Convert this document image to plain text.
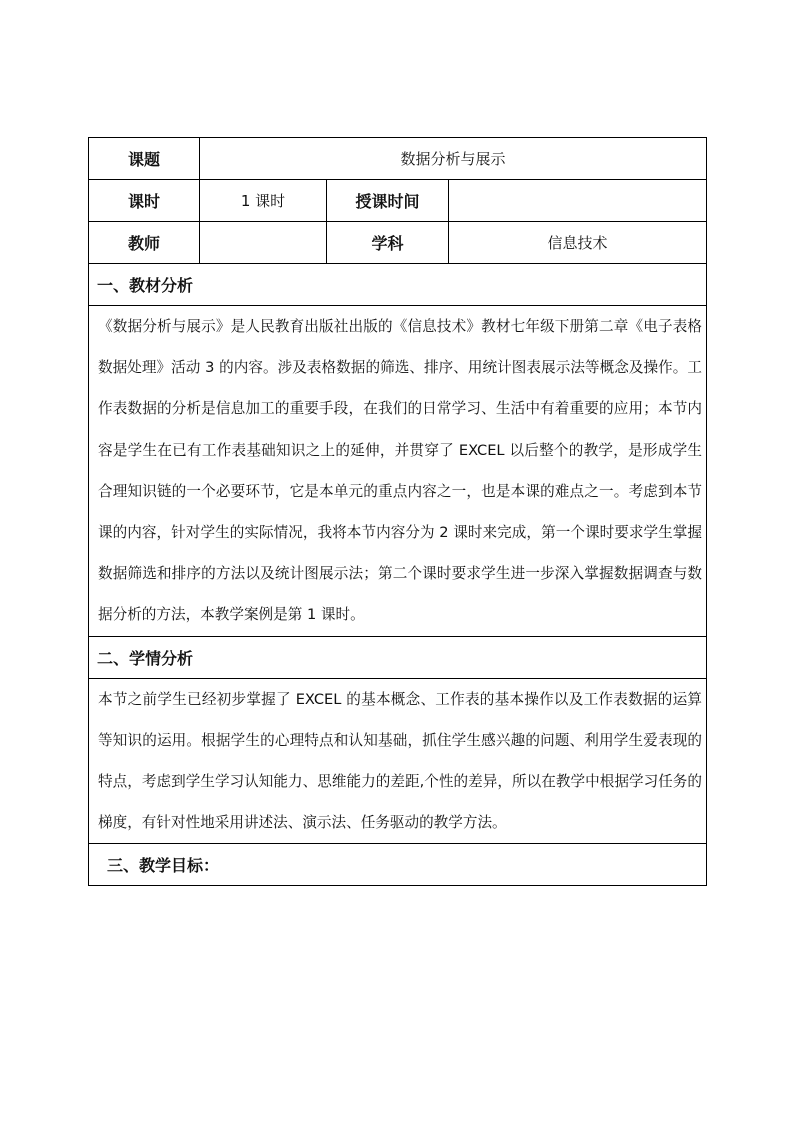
课题	数据分析与展示		
课时	1 课时	授课时间	
教师		学科	信息技术
一、教材分析			
《数据分析与展示》是人民教育出版社出版的《信息技术》教材七年级下册第二章《电子表格数据处理》活动 3 的内容。涉及表格数据的筛选、排序、用统计图表展示法等概念及操作。工作表数据的分析是信息加工的重要手段，在我们的日常学习、生活中有着重要的应用；本节内容是学生在已有工作表基础知识之上的延伸，并贯穿了 EXCEL 以后整个的教学，是形成学生合理知识链的一个必要环节，它是本单元的重点内容之一，也是本课的难点之一。考虑到本节课的内容，针对学生的实际情况，我将本节内容分为 2 课时来完成，第一个课时要求学生掌握数据筛选和排序的方法以及统计图展示法；第二个课时要求学生进一步深入掌握数据调查与数据分析的方法，本教学案例是第 1 课时。			
二、学情分析			
本节之前学生已经初步掌握了 EXCEL 的基本概念、工作表的基本操作以及工作表数据的运算等知识的运用。根据学生的心理特点和认知基础，抓住学生感兴趣的问题、利用学生爱表现的特点，考虑到学生学习认知能力、思维能力的差距,个性的差异，所以在教学中根据学习任务的梯度，有针对性地采用讲述法、演示法、任务驱动的教学方法。			
三、教学目标：			
